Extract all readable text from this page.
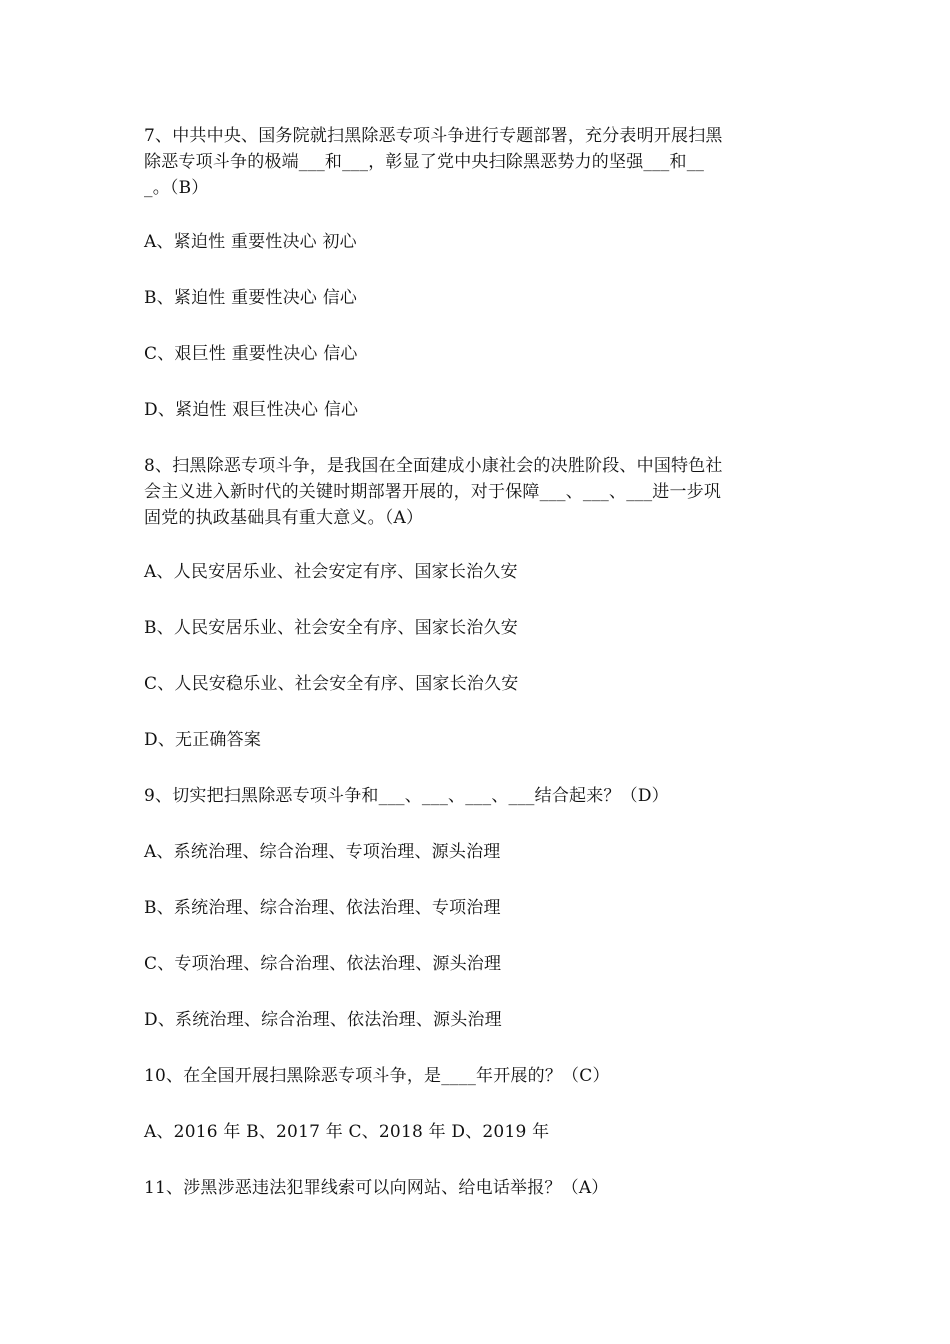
7、中共中央、国务院就扫黑除恶专项斗争进行专题部署，充分表明开展扫黑
除恶专项斗争的极端___和___，彰显了党中央扫除黑恶势力的坚强___和__
_。（B）
A、紧迫性 重要性决心 初心
B、紧迫性 重要性决心 信心
C、艰巨性 重要性决心 信心
D、紧迫性 艰巨性决心 信心
8、扫黑除恶专项斗争，是我国在全面建成小康社会的决胜阶段、中国特色社
会主义进入新时代的关键时期部署开展的，对于保障___、___、___进一步巩
固党的执政基础具有重大意义。（A）
A、人民安居乐业、社会安定有序、国家长治久安
B、人民安居乐业、社会安全有序、国家长治久安
C、人民安稳乐业、社会安全有序、国家长治久安
D、无正确答案
9、切实把扫黑除恶专项斗争和___、___、___、___结合起来？（D）
A、系统治理、综合治理、专项治理、源头治理
B、系统治理、综合治理、依法治理、专项治理
C、专项治理、综合治理、依法治理、源头治理
D、系统治理、综合治理、依法治理、源头治理
10、在全国开展扫黑除恶专项斗争，是____年开展的？（C）
A、2016 年 B、2017 年 C、2018 年 D、2019 年
11、涉黑涉恶违法犯罪线索可以向网站、给电话举报？（A）
